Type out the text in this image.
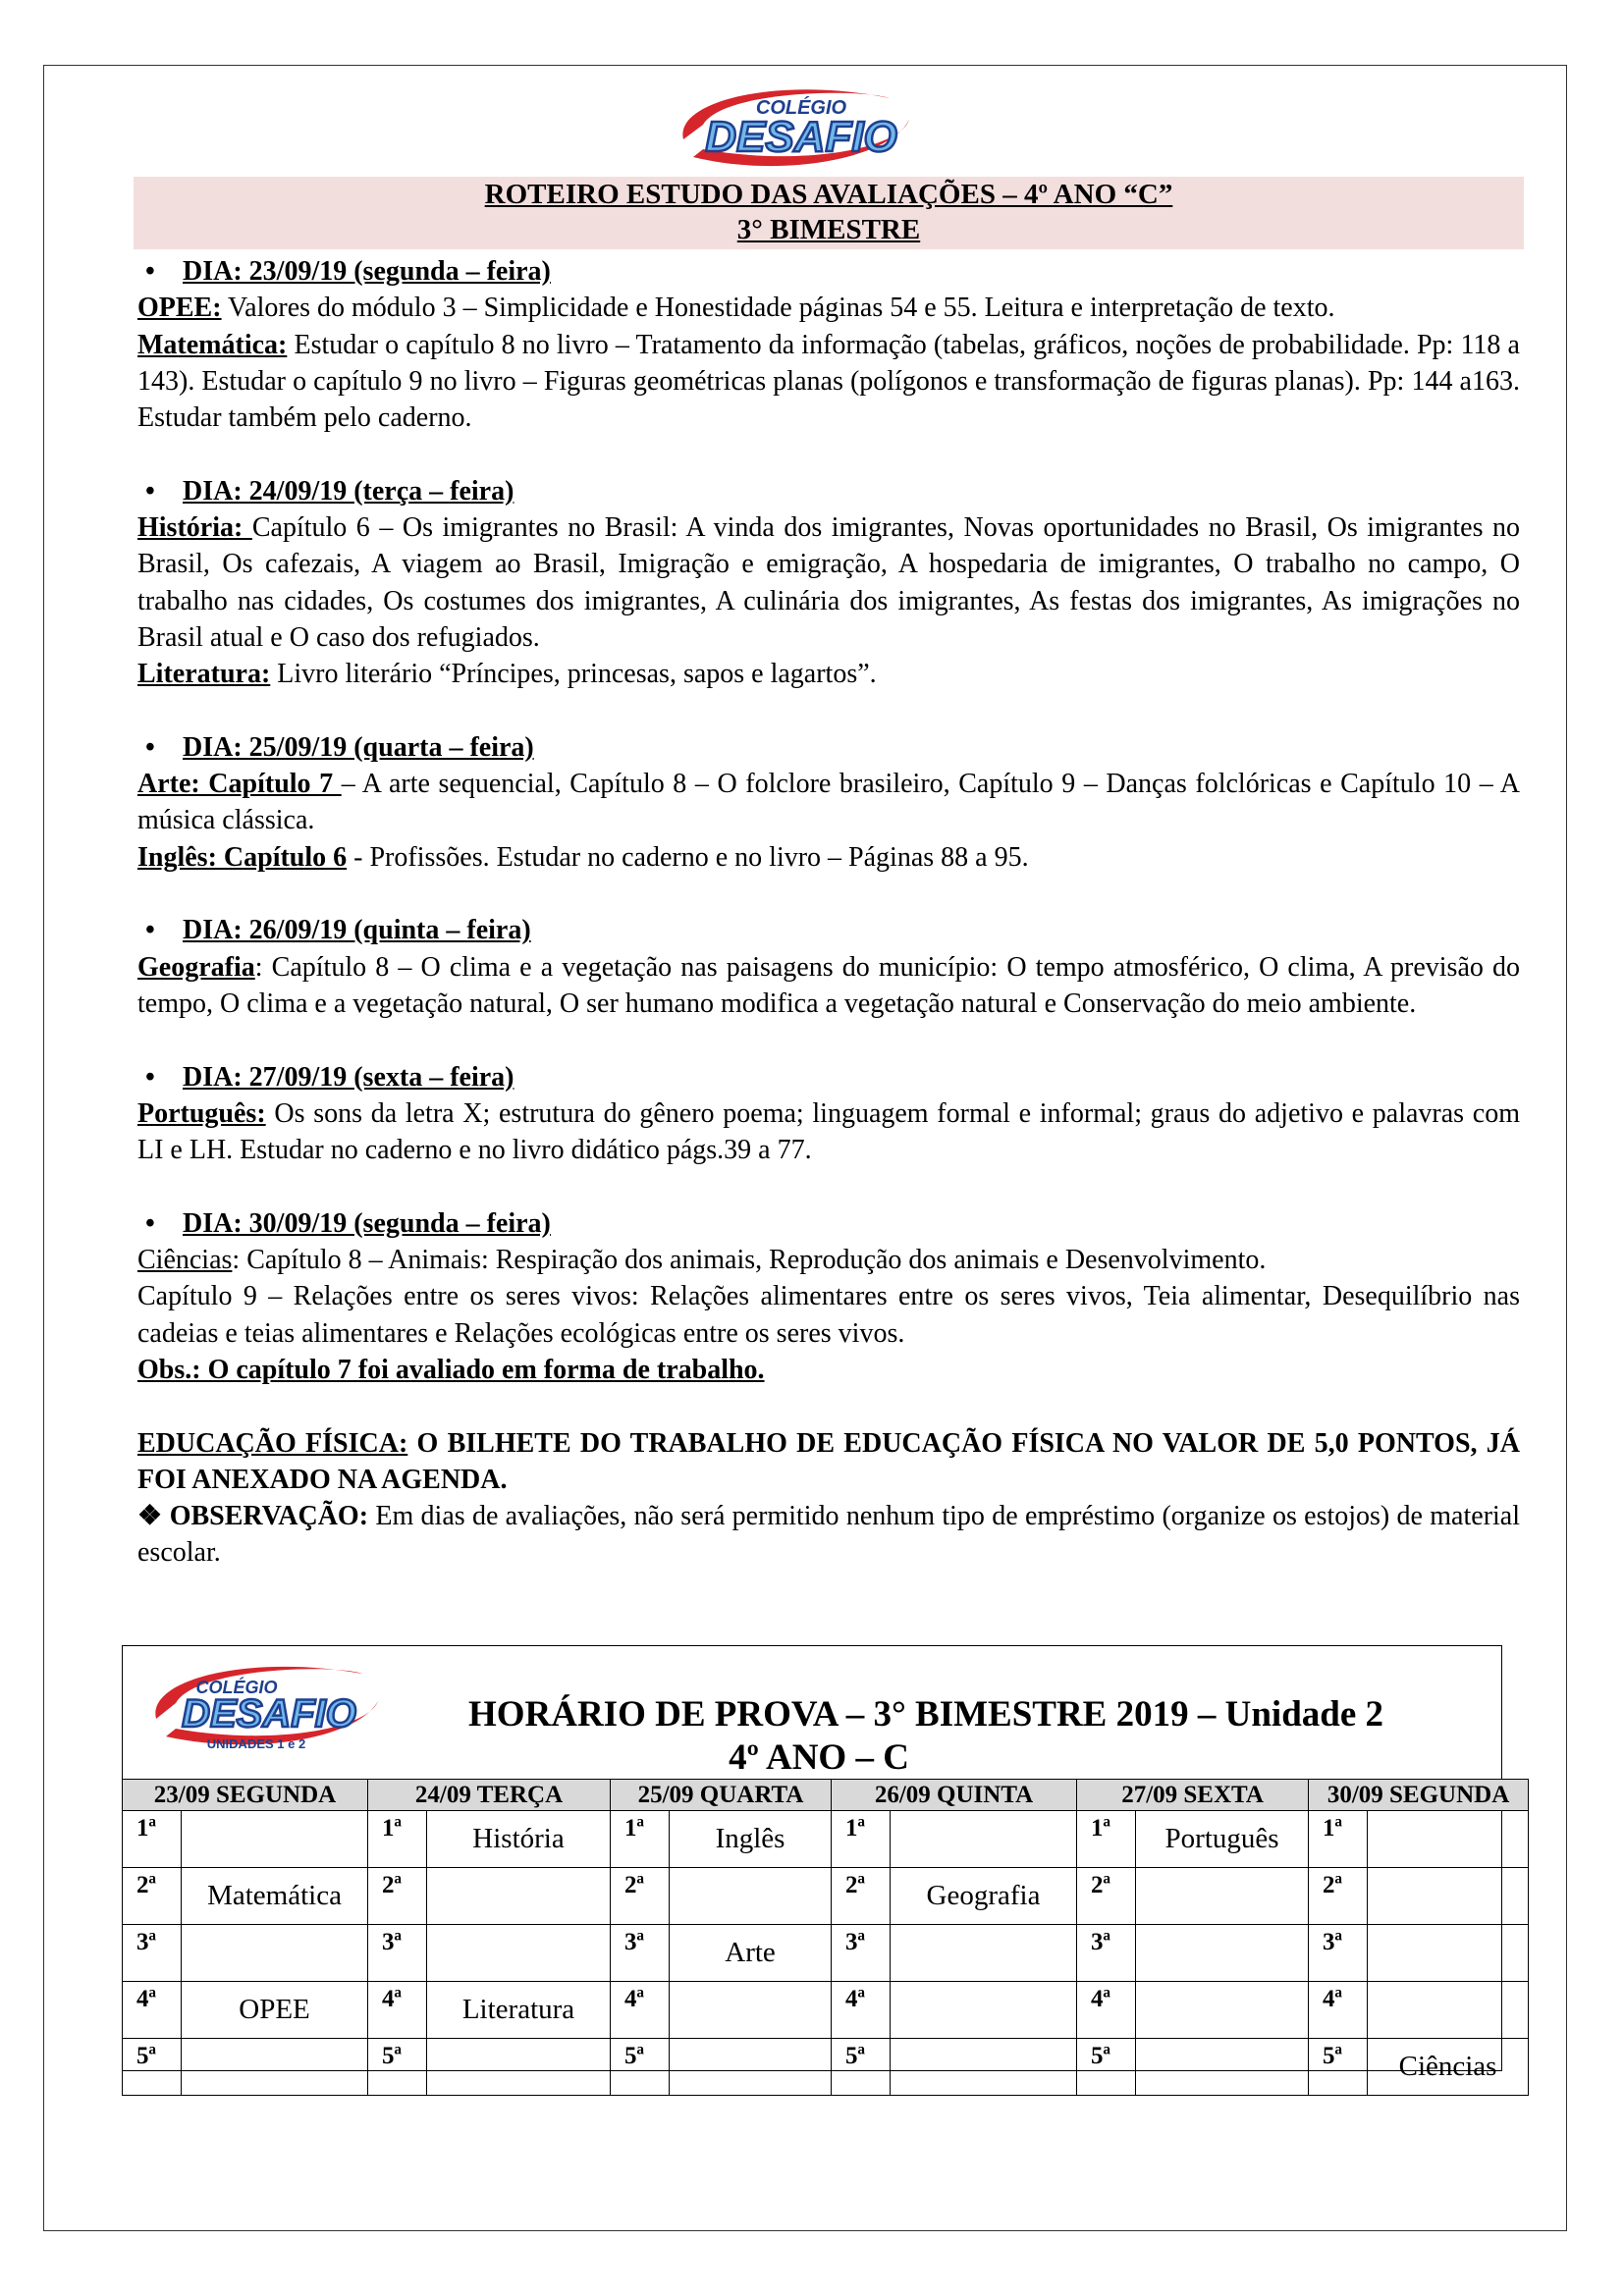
COLÉGIO
DESAFIO
ROTEIRO ESTUDO DAS AVALIAÇÕES – 4º ANO “C”
3° BIMESTRE

• DIA: 23/09/19 (segunda – feira)

OPEE: Valores do módulo 3 – Simplicidade e Honestidade páginas 54 e 55. Leitura e interpretação de texto.

Matemática: Estudar o capítulo 8 no livro – Tratamento da informação (tabelas, gráficos, noções de probabilidade. Pp: 118 a 143). Estudar o capítulo 9 no livro – Figuras geométricas planas (polígonos e transformação de figuras planas). Pp: 144 a163. Estudar também pelo caderno.

• DIA: 24/09/19 (terça – feira)

História: Capítulo 6 – Os imigrantes no Brasil: A vinda dos imigrantes, Novas oportunidades no Brasil, Os imigrantes no Brasil, Os cafezais, A viagem ao Brasil, Imigração e emigração, A hospedaria de imigrantes, O trabalho no campo, O trabalho nas cidades, Os costumes dos imigrantes, A culinária dos imigrantes, As festas dos imigrantes, As imigrações no Brasil atual e O caso dos refugiados.

Literatura: Livro literário “Príncipes, princesas, sapos e lagartos”.

• DIA: 25/09/19 (quarta – feira)

Arte: Capítulo 7 – A arte sequencial, Capítulo 8 – O folclore brasileiro, Capítulo 9 – Danças folclóricas e Capítulo 10 – A música clássica.

Inglês: Capítulo 6 - Profissões. Estudar no caderno e no livro – Páginas 88 a 95.

• DIA: 26/09/19 (quinta – feira)

Geografia: Capítulo 8 – O clima e a vegetação nas paisagens do município: O tempo atmosférico, O clima, A previsão do tempo, O clima e a vegetação natural, O ser humano modifica a vegetação natural e Conservação do meio ambiente.

• DIA: 27/09/19 (sexta – feira)

Português: Os sons da letra X; estrutura do gênero poema; linguagem formal e informal; graus do adjetivo e palavras com LI e LH. Estudar no caderno e no livro didático págs.39 a 77.

• DIA: 30/09/19 (segunda – feira)

Ciências: Capítulo 8 – Animais: Respiração dos animais, Reprodução dos animais e Desenvolvimento.

Capítulo 9 – Relações entre os seres vivos: Relações alimentares entre os seres vivos, Teia alimentar, Desequilíbrio nas cadeias e teias alimentares e Relações ecológicas entre os seres vivos.

Obs.: O capítulo 7 foi avaliado em forma de trabalho.

EDUCAÇÃO FÍSICA: O BILHETE DO TRABALHO DE EDUCAÇÃO FÍSICA NO VALOR DE 5,0 PONTOS, JÁ FOI ANEXADO NA AGENDA.

❖ OBSERVAÇÃO: Em dias de avaliações, não será permitido nenhum tipo de empréstimo (organize os estojos) de material escolar.

COLÉGIO
DESAFIO
UNIDADES 1 e 2
HORÁRIO DE PROVA – 3° BIMESTRE 2019 – Unidade 2
4º ANO – C
23/09 SEGUNDA		24/09 TERÇA		25/09 QUARTA		26/09 QUINTA		27/09 SEXTA		30/09 SEGUNDA	
1ª		1ª	História	1ª	Inglês	1ª		1ª	Português	1ª	
2ª	Matemática	2ª		2ª		2ª	Geografia	2ª		2ª	
3ª		3ª		3ª	Arte	3ª		3ª		3ª	
4ª	OPEE	4ª	Literatura	4ª		4ª		4ª		4ª	
5ª		5ª		5ª		5ª		5ª		5ª	Ciências
